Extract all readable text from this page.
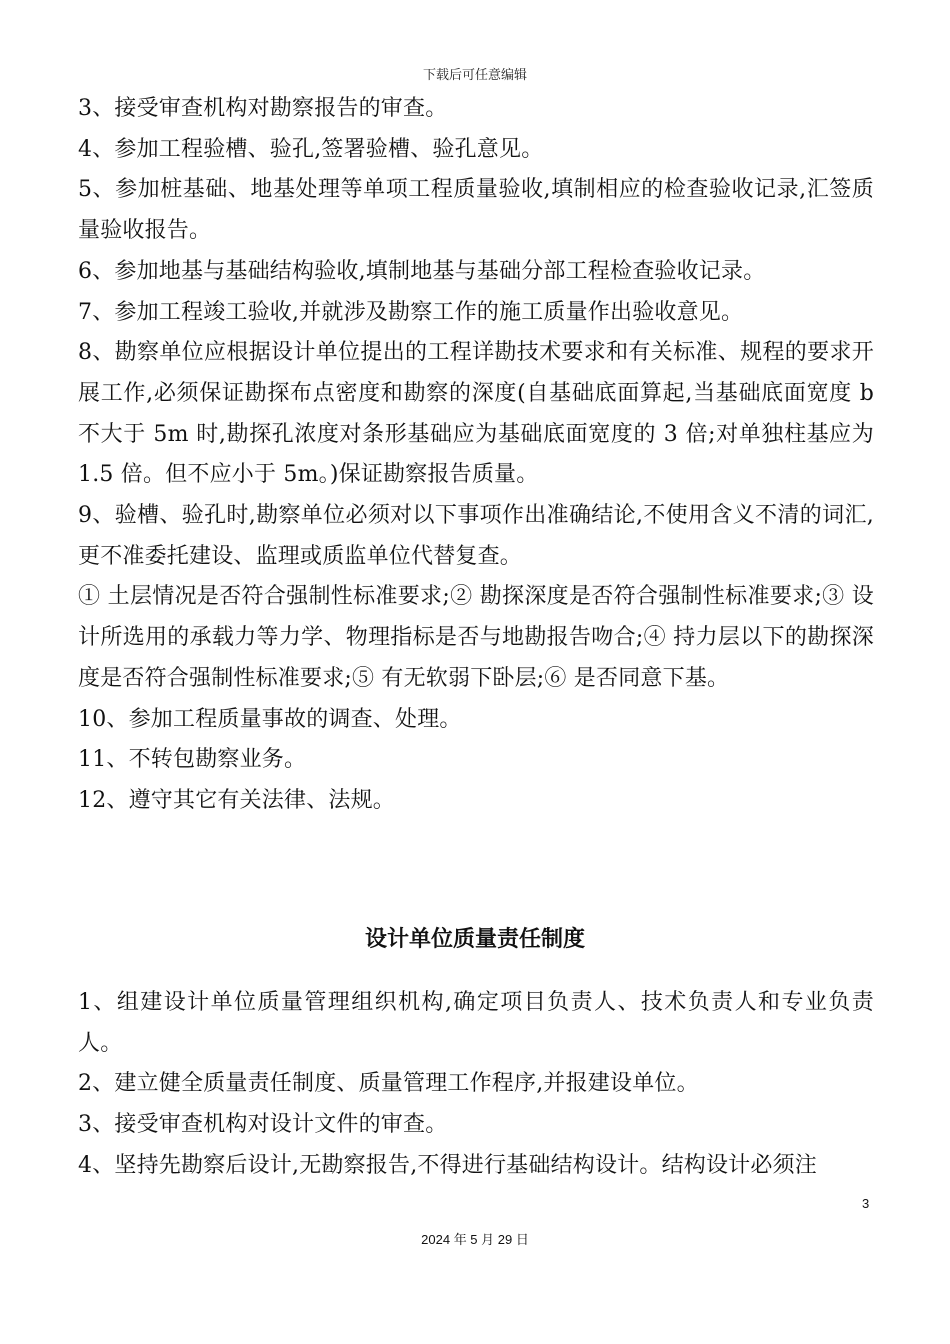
下载后可任意编辑

3、接受审查机构对勘察报告的审查。

4、参加工程验槽、验孔,签署验槽、验孔意见。

5、参加桩基础、地基处理等单项工程质量验收,填制相应的检查验收记录,汇签质量验收报告。

6、参加地基与基础结构验收,填制地基与基础分部工程检查验收记录。

7、参加工程竣工验收,并就涉及勘察工作的施工质量作出验收意见。

8、勘察单位应根据设计单位提出的工程详勘技术要求和有关标准、规程的要求开展工作,必须保证勘探布点密度和勘察的深度(自基础底面算起,当基础底面宽度 b 不大于 5m 时,勘探孔浓度对条形基础应为基础底面宽度的 3 倍;对单独柱基应为 1.5 倍。但不应小于 5m。)保证勘察报告质量。

9、验槽、验孔时,勘察单位必须对以下事项作出准确结论,不使用含义不清的词汇,更不准委托建设、监理或质监单位代替复查。

① 土层情况是否符合强制性标准要求;② 勘探深度是否符合强制性标准要求;③ 设计所选用的承载力等力学、物理指标是否与地勘报告吻合;④ 持力层以下的勘探深度是否符合强制性标准要求;⑤ 有无软弱下卧层;⑥ 是否同意下基。

10、参加工程质量事故的调查、处理。

11、不转包勘察业务。

12、遵守其它有关法律、法规。

设计单位质量责任制度

1、组建设计单位质量管理组织机构,确定项目负责人、技术负责人和专业负责人。

2、建立健全质量责任制度、质量管理工作程序,并报建设单位。

3、接受审查机构对设计文件的审查。

4、坚持先勘察后设计,无勘察报告,不得进行基础结构设计。结构设计必须注

3
2024 年 5 月 29 日
